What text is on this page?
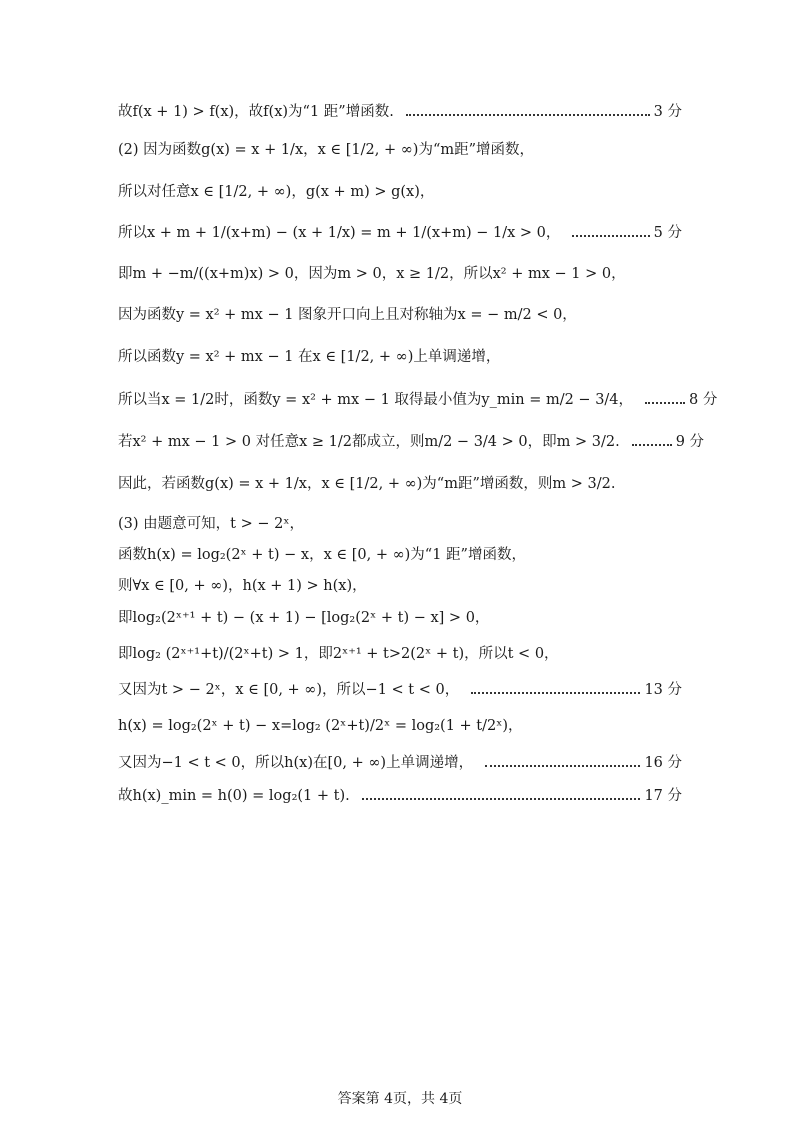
故f(x + 1) > f(x)，故f(x)为“1 距”增函数.	3 分
(2) 因为函数g(x) = x + 1/x，x ∈ [1/2, + ∞)为“m距”增函数，
所以对任意x ∈ [1/2, + ∞)，g(x + m) > g(x)，
所以x + m + 1/(x+m) − (x + 1/x) = m + 1/(x+m) − 1/x > 0，	5 分
即m + −m/((x+m)x) > 0，因为m > 0，x ≥ 1/2，所以x² + mx − 1 > 0，
因为函数y = x² + mx − 1 图象开口向上且对称轴为x = − m/2 < 0，
所以函数y = x² + mx − 1 在x ∈ [1/2, + ∞)上单调递增，
所以当x = 1/2时，函数y = x² + mx − 1 取得最小值为y_min = m/2 − 3/4，	8 分
若x² + mx − 1 > 0 对任意x ≥ 1/2都成立，则m/2 − 3/4 > 0，即m > 3/2.	9 分
因此，若函数g(x) = x + 1/x，x ∈ [1/2, + ∞)为“m距”增函数，则m > 3/2.
(3) 由题意可知，t > − 2ˣ，
函数h(x) = log₂(2ˣ + t) − x，x ∈ [0, + ∞)为“1 距”增函数，
则∀x ∈ [0, + ∞)，h(x + 1) > h(x)，
即log₂(2ˣ⁺¹ + t) − (x + 1) − [log₂(2ˣ + t) − x] > 0，
即log₂ (2ˣ⁺¹+t)/(2ˣ+t) > 1，即2ˣ⁺¹ + t>2(2ˣ + t)，所以t < 0，
又因为t > − 2ˣ，x ∈ [0, + ∞)，所以−1 < t < 0，	13 分
h(x) = log₂(2ˣ + t) − x=log₂ (2ˣ+t)/2ˣ = log₂(1 + t/2ˣ)，
又因为−1 < t < 0，所以h(x)在[0, + ∞)上单调递增，	16 分
故h(x)_min = h(0) = log₂(1 + t).	17 分
答案第 4页，共 4页
